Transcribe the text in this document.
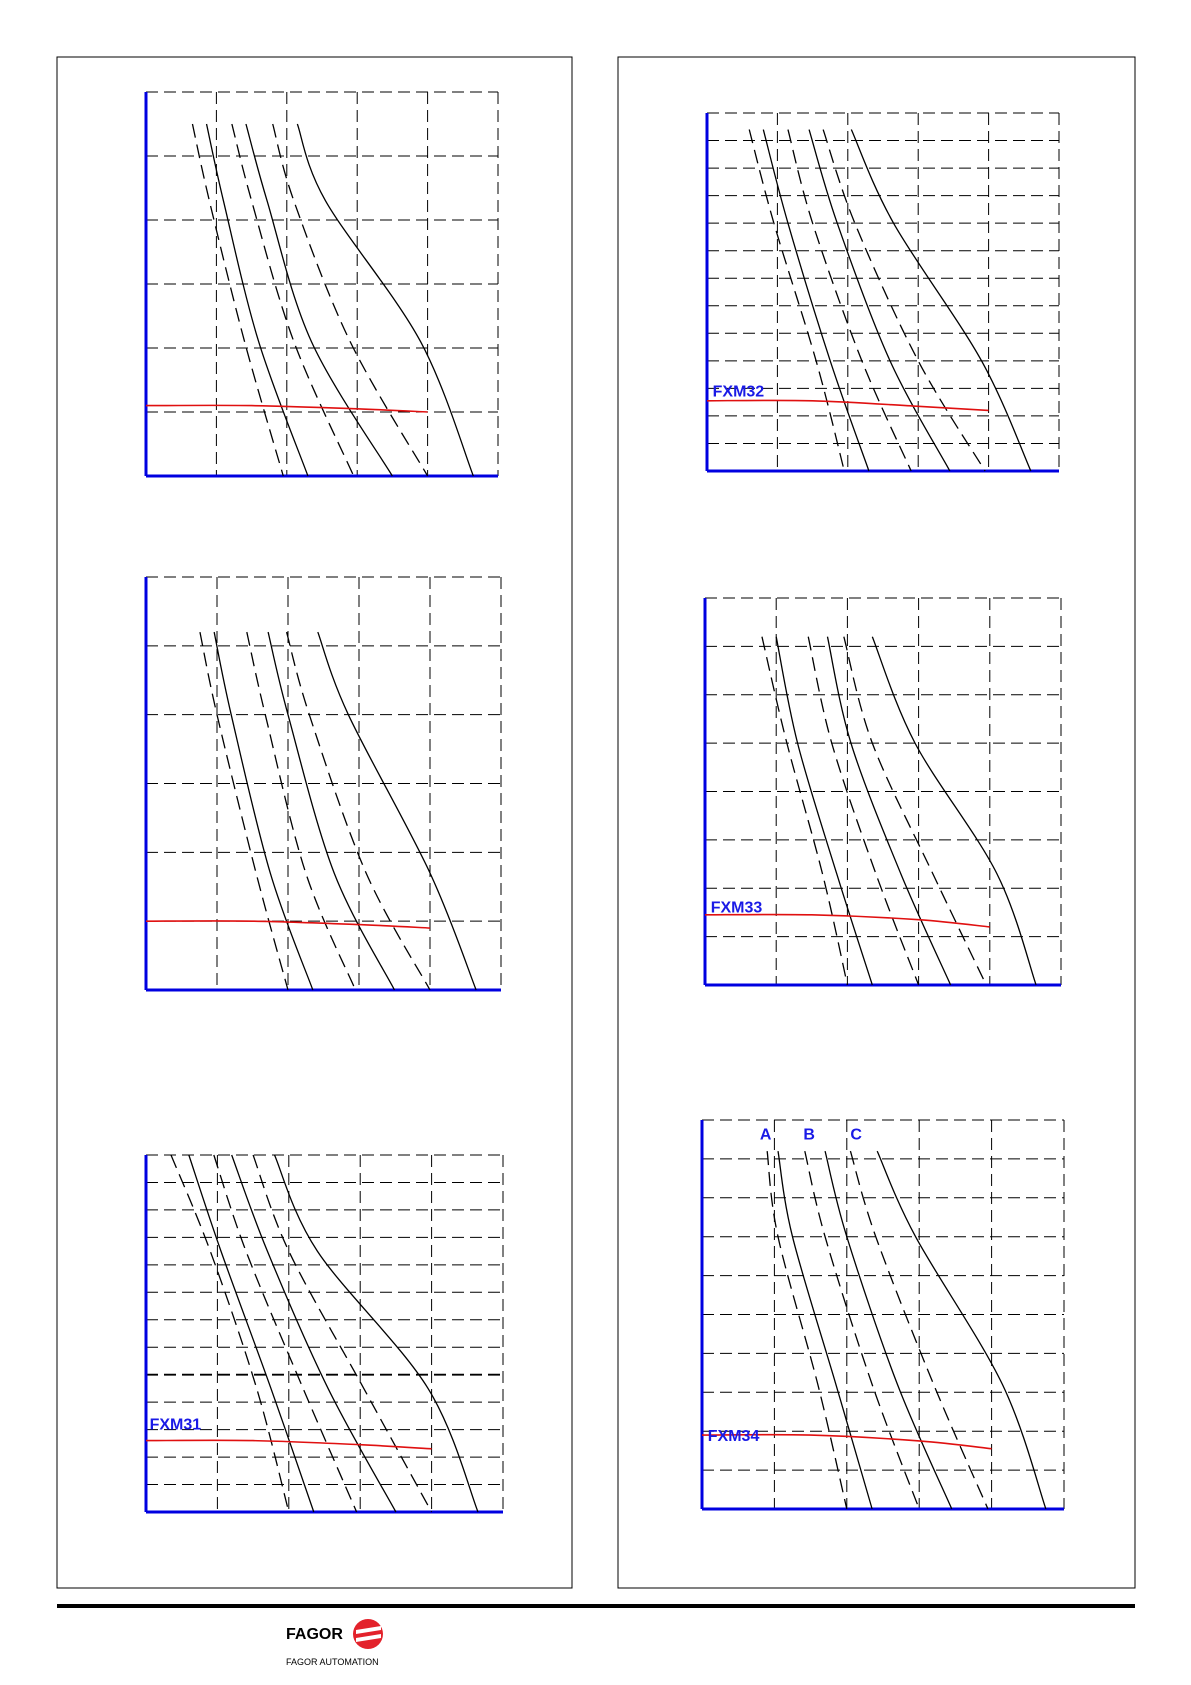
FXM31
FXM32
FXM33
A B C
FXM34
FAGOR
FAGOR AUTOMATION
